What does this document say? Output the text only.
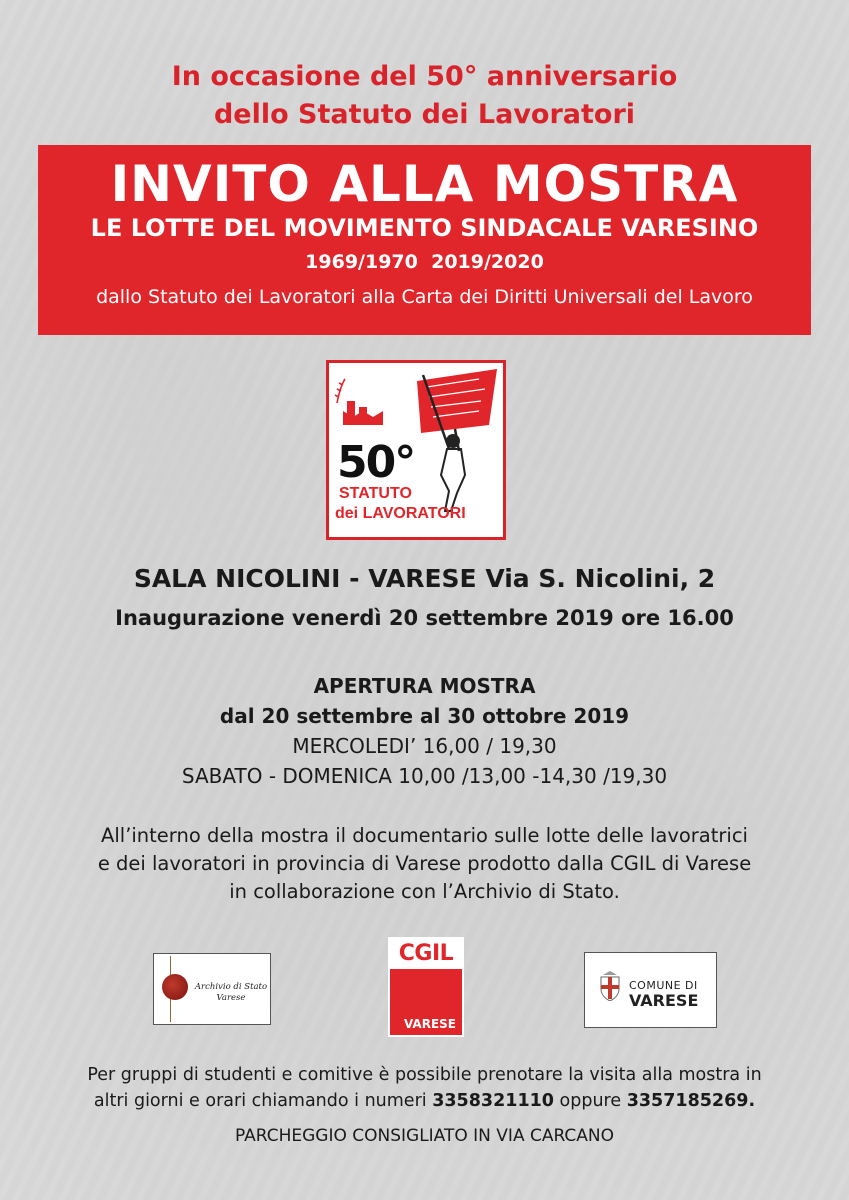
In occasione del 50° anniversario
dello Statuto dei Lavoratori
INVITO ALLA MOSTRA
LE LOTTE DEL MOVIMENTO SINDACALE VARESINO
1969/1970  2019/2020
dallo Statuto dei Lavoratori alla Carta dei Diritti Universali del Lavoro
50°
STATUTO
dei LAVORATORI
SALA NICOLINI - VARESE Via S. Nicolini, 2
Inaugurazione venerdì 20 settembre 2019 ore 16.00
APERTURA MOSTRA
dal 20 settembre al 30 ottobre 2019
MERCOLEDI’ 16,00 / 19,30
SABATO - DOMENICA 10,00 /13,00 -14,30 /19,30
All’interno della mostra il documentario sulle lotte delle lavoratrici
e dei lavoratori in provincia di Varese prodotto dalla CGIL di Varese
in collaborazione con l’Archivio di Stato.
Archivio di Stato
Varese
CGIL
VARESE
COMUNE DI
VARESE
Per gruppi di studenti e comitive è possibile prenotare la visita alla mostra in
altri giorni e orari chiamando i numeri 3358321110 oppure 3357185269.
PARCHEGGIO CONSIGLIATO IN VIA CARCANO
